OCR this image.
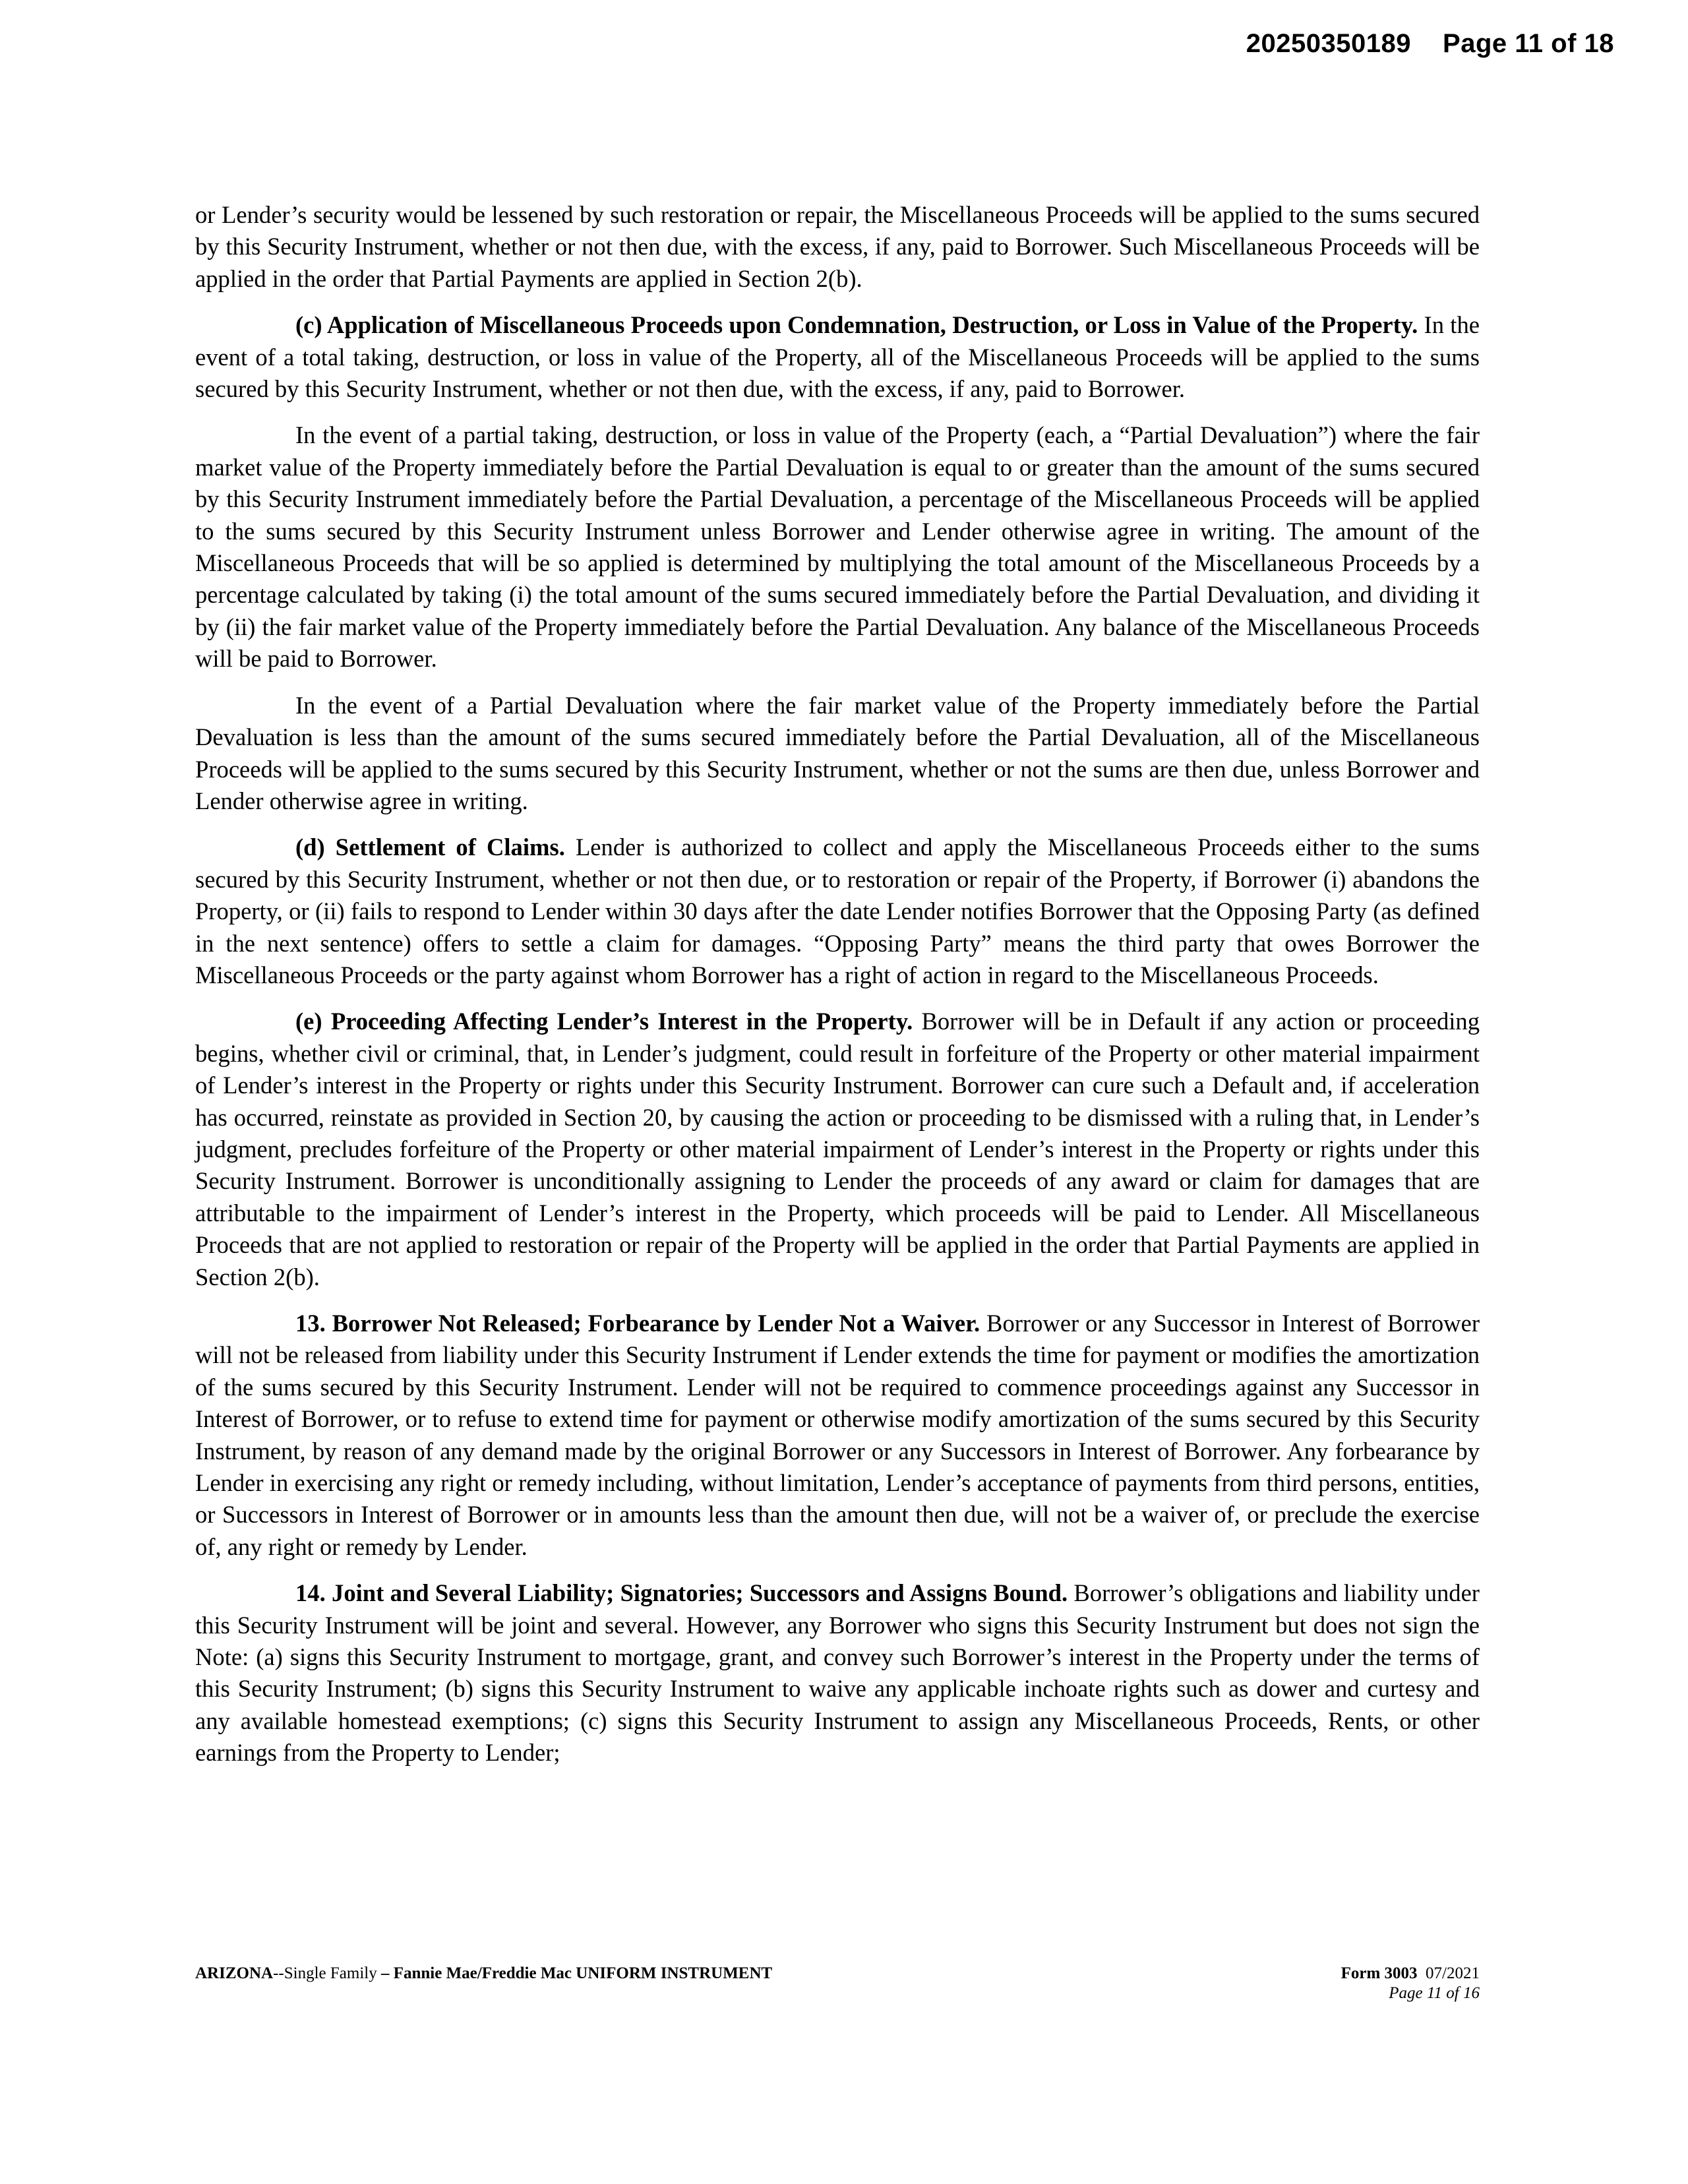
20250350189 Page 11 of 18

or Lender’s security would be lessened by such restoration or repair, the Miscellaneous Proceeds will be applied to the sums secured by this Security Instrument, whether or not then due, with the excess, if any, paid to Borrower. Such Miscellaneous Proceeds will be applied in the order that Partial Payments are applied in Section 2(b).

(c) Application of Miscellaneous Proceeds upon Condemnation, Destruction, or Loss in Value of the Property. In the event of a total taking, destruction, or loss in value of the Property, all of the Miscellaneous Proceeds will be applied to the sums secured by this Security Instrument, whether or not then due, with the excess, if any, paid to Borrower.

In the event of a partial taking, destruction, or loss in value of the Property (each, a “Partial Devaluation”) where the fair market value of the Property immediately before the Partial Devaluation is equal to or greater than the amount of the sums secured by this Security Instrument immediately before the Partial Devaluation, a percentage of the Miscellaneous Proceeds will be applied to the sums secured by this Security Instrument unless Borrower and Lender otherwise agree in writing. The amount of the Miscellaneous Proceeds that will be so applied is determined by multiplying the total amount of the Miscellaneous Proceeds by a percentage calculated by taking (i) the total amount of the sums secured immediately before the Partial Devaluation, and dividing it by (ii) the fair market value of the Property immediately before the Partial Devaluation. Any balance of the Miscellaneous Proceeds will be paid to Borrower.

In the event of a Partial Devaluation where the fair market value of the Property immediately before the Partial Devaluation is less than the amount of the sums secured immediately before the Partial Devaluation, all of the Miscellaneous Proceeds will be applied to the sums secured by this Security Instrument, whether or not the sums are then due, unless Borrower and Lender otherwise agree in writing.

(d) Settlement of Claims. Lender is authorized to collect and apply the Miscellaneous Proceeds either to the sums secured by this Security Instrument, whether or not then due, or to restoration or repair of the Property, if Borrower (i) abandons the Property, or (ii) fails to respond to Lender within 30 days after the date Lender notifies Borrower that the Opposing Party (as defined in the next sentence) offers to settle a claim for damages. “Opposing Party” means the third party that owes Borrower the Miscellaneous Proceeds or the party against whom Borrower has a right of action in regard to the Miscellaneous Proceeds.

(e) Proceeding Affecting Lender’s Interest in the Property. Borrower will be in Default if any action or proceeding begins, whether civil or criminal, that, in Lender’s judgment, could result in forfeiture of the Property or other material impairment of Lender’s interest in the Property or rights under this Security Instrument. Borrower can cure such a Default and, if acceleration has occurred, reinstate as provided in Section 20, by causing the action or proceeding to be dismissed with a ruling that, in Lender’s judgment, precludes forfeiture of the Property or other material impairment of Lender’s interest in the Property or rights under this Security Instrument. Borrower is unconditionally assigning to Lender the proceeds of any award or claim for damages that are attributable to the impairment of Lender’s interest in the Property, which proceeds will be paid to Lender. All Miscellaneous Proceeds that are not applied to restoration or repair of the Property will be applied in the order that Partial Payments are applied in Section 2(b).

13. Borrower Not Released; Forbearance by Lender Not a Waiver. Borrower or any Successor in Interest of Borrower will not be released from liability under this Security Instrument if Lender extends the time for payment or modifies the amortization of the sums secured by this Security Instrument. Lender will not be required to commence proceedings against any Successor in Interest of Borrower, or to refuse to extend time for payment or otherwise modify amortization of the sums secured by this Security Instrument, by reason of any demand made by the original Borrower or any Successors in Interest of Borrower. Any forbearance by Lender in exercising any right or remedy including, without limitation, Lender’s acceptance of payments from third persons, entities, or Successors in Interest of Borrower or in amounts less than the amount then due, will not be a waiver of, or preclude the exercise of, any right or remedy by Lender.

14. Joint and Several Liability; Signatories; Successors and Assigns Bound. Borrower’s obligations and liability under this Security Instrument will be joint and several. However, any Borrower who signs this Security Instrument but does not sign the Note: (a) signs this Security Instrument to mortgage, grant, and convey such Borrower’s interest in the Property under the terms of this Security Instrument; (b) signs this Security Instrument to waive any applicable inchoate rights such as dower and curtesy and any available homestead exemptions; (c) signs this Security Instrument to assign any Miscellaneous Proceeds, Rents, or other earnings from the Property to Lender;

ARIZONA--Single Family – Fannie Mae/Freddie Mac UNIFORM INSTRUMENT	Form 3003 07/2021
Page 11 of 16
